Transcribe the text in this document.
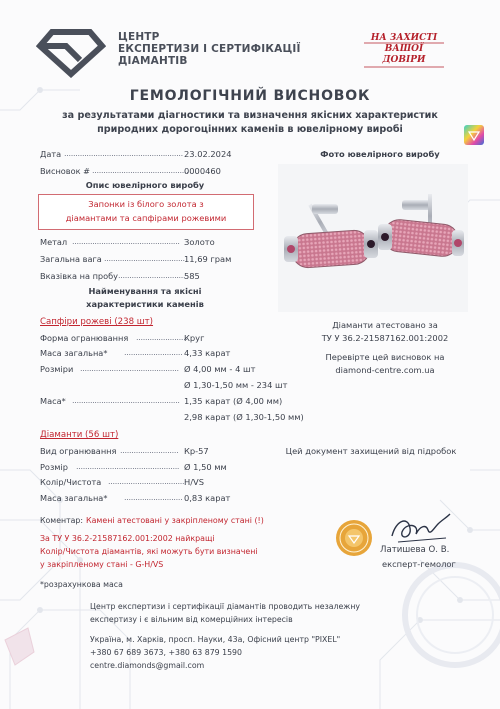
ЦЕНТР
ЕКСПЕРТИЗИ І СЕРТИФІКАЦІЇ
ДІАМАНТІВ
НА ЗАХИСТІ
ВАШОЇ
ДОВІРИ
ГЕМОЛОГІЧНИЙ ВИСНОВОК
за результатами діагностики та визначення якісних характеристик
природних дорогоцінних каменів в ювелірному виробі
Дата ..................................................... 23.02.2024
Висновок # ...........................................
0000460
Опис ювелірного виробу
Запонки із білого золота з
діамантами та сапфірами рожевими
Метал ................................................ Золото
Загальна вага .................................... 11,69 грам
Вказівка на пробу ..............................
585
Найменування та якісні
характеристики каменів
Фото ювелірного виробу
Сапфіри рожеві (238 шт)
Форма огранювання .......................
Круг
Маса загальна* .......................... 4,33 карат
Розміри ............................................ Ø 4,00 мм - 4 шт
Ø 1,30-1,50 мм - 234 шт
Маса* ................................................ 1,35 карат (Ø 4,00 мм)
2,98 карат (Ø 1,30-1,50 мм)
Діаманти атестовано за
ТУ У 36.2-21587162.001:2002
Перевірте цей висновок на
diamond-centre.com.ua
Діаманти (56 шт)
Вид огранювання .......................... Кр-57
Розмір .............................................. Ø 1,50 мм
Колір/Чистота .................................. H/VS
Маса загальна* .......................... 0,83 карат
Цей документ захищений від підробок
Коментар: Камені атестовані у закріпленому стані (!)
За ТУ У 36.2-21587162.001:2002 найкращі
Колір/Чистота діамантів, які можуть бути визначені
у закріпленому стані - G-H/VS
Латишева О. В.
експерт-гемолог
*розрахункова маса
Центр експертизи і сертифікації діамантів проводить незалежну
експертизу і є вільним від комерційних інтересів
Україна, м. Харків, просп. Науки, 43а, Офісний центр "PIXEL"
+380 67 689 3673, +380 63 879 1590
centre.diamonds@gmail.com
